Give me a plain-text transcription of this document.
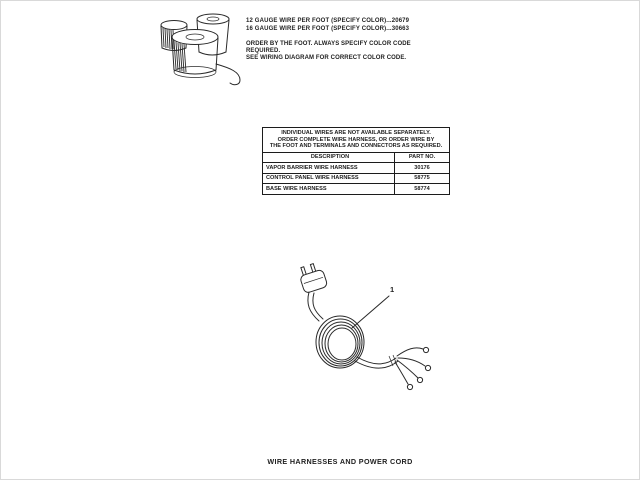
12 GAUGE WIRE PER FOOT (SPECIFY COLOR)...20679
16 GAUGE WIRE PER FOOT (SPECIFY COLOR)...30663
ORDER BY THE FOOT. ALWAYS SPECIFY COLOR CODE REQUIRED.
SEE WIRING DIAGRAM FOR CORRECT COLOR CODE.
INDIVIDUAL WIRES ARE NOT AVAILABLE SEPARATELY.
ORDER COMPLETE WIRE HARNESS, OR ORDER WIRE BY
THE FOOT AND TERMINALS AND CONNECTORS AS REQUIRED.
DESCRIPTION	PART NO.
VAPOR BARRIER WIRE HARNESS	30176
CONTROL PANEL WIRE HARNESS	58775
BASE WIRE HARNESS	58774
1
WIRE HARNESSES AND POWER CORD
